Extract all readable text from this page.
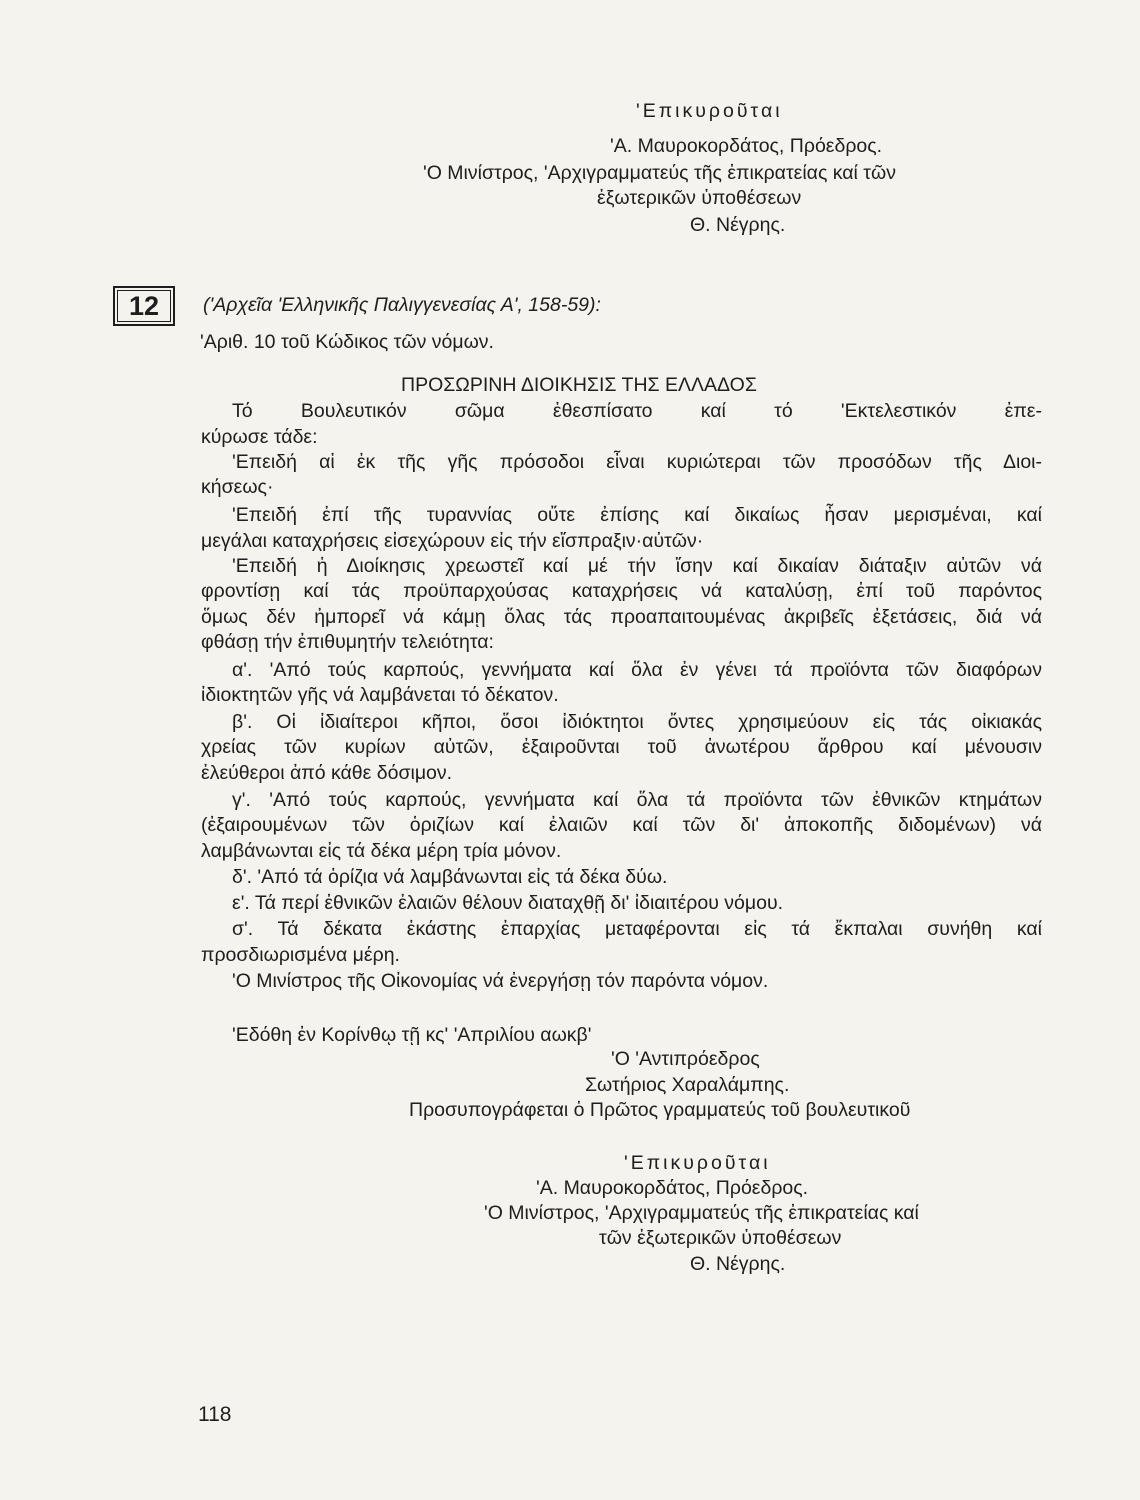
'Επικυροῦται
'Α. Μαυροκορδάτος, Πρόεδρος.
'Ο Μινίστρος, 'Αρχιγραμματεύς τῆς ἐπικρατείας καί τῶν
ἐξωτερικῶν ὑποθέσεων
Θ. Νέγρης.
12	('Αρχεῖα 'Ελληνικῆς Παλιγγενεσίας Α', 158-59):
'Αριθ. 10 τοῦ Κώδικος τῶν νόμων.
ΠΡΟΣΩΡΙΝΗ ΔΙΟΙΚΗΣΙΣ ΤΗΣ ΕΛΛΑΔΟΣ
Τό Βουλευτικόν σῶμα ἐθεσπίσατο καί τό 'Εκτελεστικόν ἐπε-
κύρωσε τάδε:
'Επειδή αἱ ἐκ τῆς γῆς πρόσοδοι εἶναι κυριώτεραι τῶν προσόδων τῆς Διοι-
κήσεως·
'Επειδή ἐπί τῆς τυραννίας οὔτε ἐπίσης καί δικαίως ἦσαν μερισμέναι, καί
μεγάλαι καταχρήσεις εἰσεχώρουν εἰς τήν εἴσπραξιν·αὐτῶν·
'Επειδή ἡ Διοίκησις χρεωστεῖ καί μέ τήν ἴσην καί δικαίαν διάταξιν αὐτῶν νά
φροντίσῃ καί τάς προϋπαρχούσας καταχρήσεις νά καταλύσῃ, ἐπί τοῦ παρόντος
ὅμως δέν ἠμπορεῖ νά κάμῃ ὅλας τάς προαπαιτουμένας ἀκριβεῖς ἐξετάσεις, διά νά
φθάσῃ τήν ἐπιθυμητήν τελειότητα:
α'. 'Από τούς καρπούς, γεννήματα καί ὅλα ἐν γένει τά προϊόντα τῶν διαφόρων
ἰδιοκτητῶν γῆς νά λαμβάνεται τό δέκατον.
β'. Οἱ ἰδιαίτεροι κῆποι, ὅσοι ἰδιόκτητοι ὄντες χρησιμεύουν εἰς τάς οἰκιακάς
χρείας τῶν κυρίων αὐτῶν, ἐξαιροῦνται τοῦ ἀνωτέρου ἄρθρου καί μένουσιν
ἐλεύθεροι ἀπό κάθε δόσιμον.
γ'. 'Από τούς καρπούς, γεννήματα καί ὅλα τά προϊόντα τῶν ἐθνικῶν κτημάτων
(ἐξαιρουμένων τῶν ὁριζίων καί ἐλαιῶν καί τῶν δι' ἀποκοπῆς διδομένων) νά
λαμβάνωνται εἰς τά δέκα μέρη τρία μόνον.
δ'. 'Από τά ὁρίζια νά λαμβάνωνται εἰς τά δέκα δύω.
ε'. Τά περί ἐθνικῶν ἐλαιῶν θέλουν διαταχθῇ δι' ἰδιαιτέρου νόμου.
σ'. Τά δέκατα ἑκάστης ἐπαρχίας μεταφέρονται εἰς τά ἔκπαλαι συνήθη καί
προσδιωρισμένα μέρη.
'Ο Μινίστρος τῆς Οἰκονομίας νά ἐνεργήσῃ τόν παρόντα νόμον.
'Εδόθη ἐν Κορίνθῳ τῇ κς' 'Απριλίου αωκβ'
'Ο 'Αντιπρόεδρος
Σωτήριος Χαραλάμπης.
Προσυπογράφεται ὁ Πρῶτος γραμματεύς τοῦ βουλευτικοῦ
'Επικυροῦται
'Α. Μαυροκορδάτος, Πρόεδρος.
'Ο Μινίστρος, 'Αρχιγραμματεύς τῆς ἐπικρατείας καί
τῶν ἐξωτερικῶν ὑποθέσεων
Θ. Νέγρης.
118
